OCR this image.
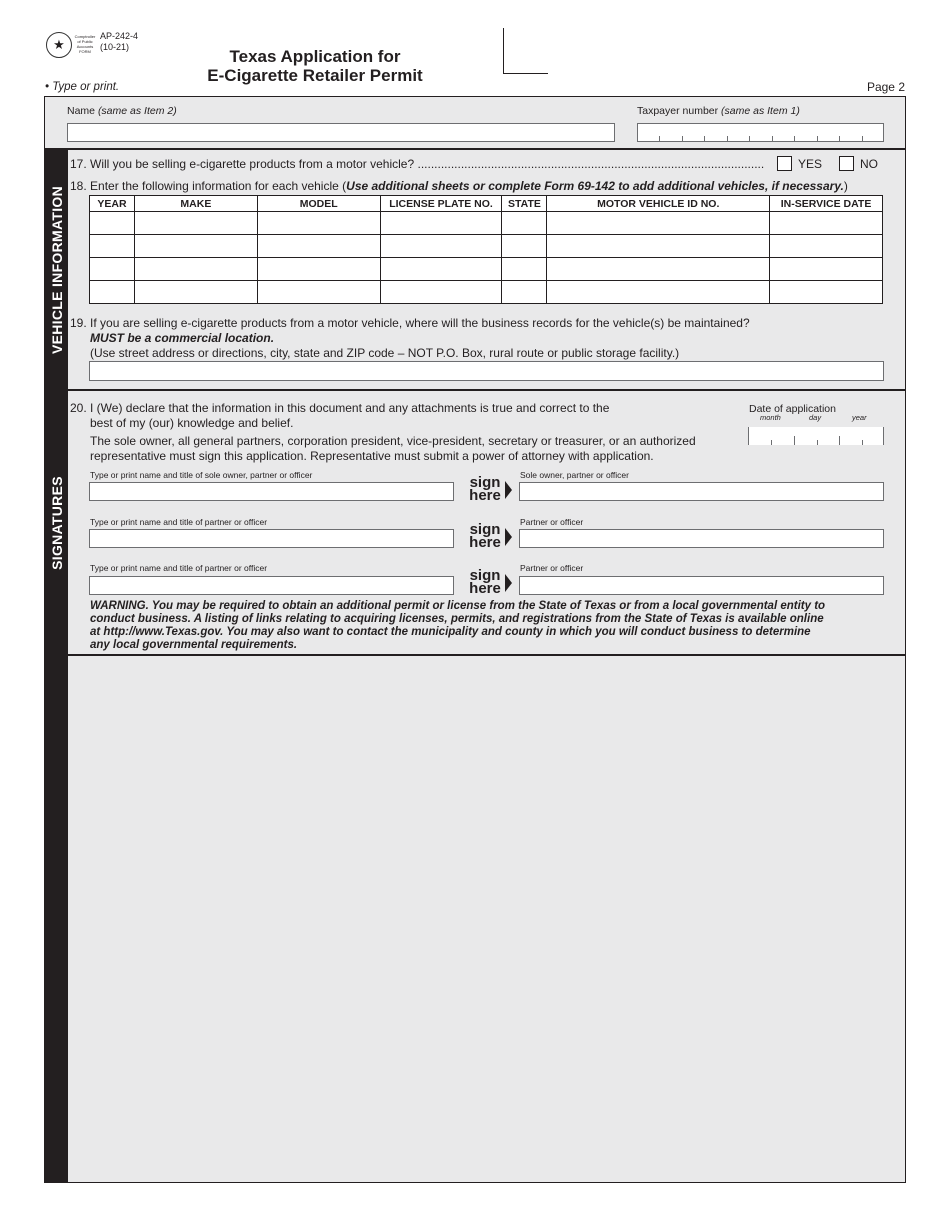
★
Comptroller of Public Accounts FORM
AP-242-4
(10-21)	Texas Application for
E-Cigarette Retailer Permit
• Type or print.	Page 2
Name (same as Item 2)	Taxpayer number (same as Item 1)
VEHICLE INFORMATION
17. Will you be selling e-cigarette products from a motor vehicle? ........................................................................................................	YES	NO
18. Enter the following information for each vehicle (Use additional sheets or complete Form 69-142 to add additional vehicles, if necessary.)
YEAR	MAKE	MODEL	LICENSE PLATE NO.	STATE	MOTOR VEHICLE ID NO.	IN-SERVICE DATE

19. If you are selling e-cigarette products from a motor vehicle, where will the business records for the vehicle(s) be maintained?
MUST be a commercial location.
(Use street address or directions, city, state and ZIP code – NOT P.O. Box, rural route or public storage facility.)
SIGNATURES
20. I (We) declare that the information in this document and any attachments is true and correct to the
best of my (our) knowledge and belief.
The sole owner, all general partners, corporation president, vice-president, secretary or treasurer, or an authorized
representative must sign this application. Representative must submit a power of attorney with application.
Date of application
month	day	year
Type or print name and title of sole owner, partner or officer	sign
here
Sole owner, partner or officer
Type or print name and title of partner or officer	sign
here
Partner or officer
Type or print name and title of partner or officer	sign
here
Partner or officer
WARNING. You may be required to obtain an additional permit or license from the State of Texas or from a local governmental entity to
conduct business. A listing of links relating to acquiring licenses, permits, and registrations from the State of Texas is available online
at http://www.Texas.gov. You may also want to contact the municipality and county in which you will conduct business to determine
any local governmental requirements.
